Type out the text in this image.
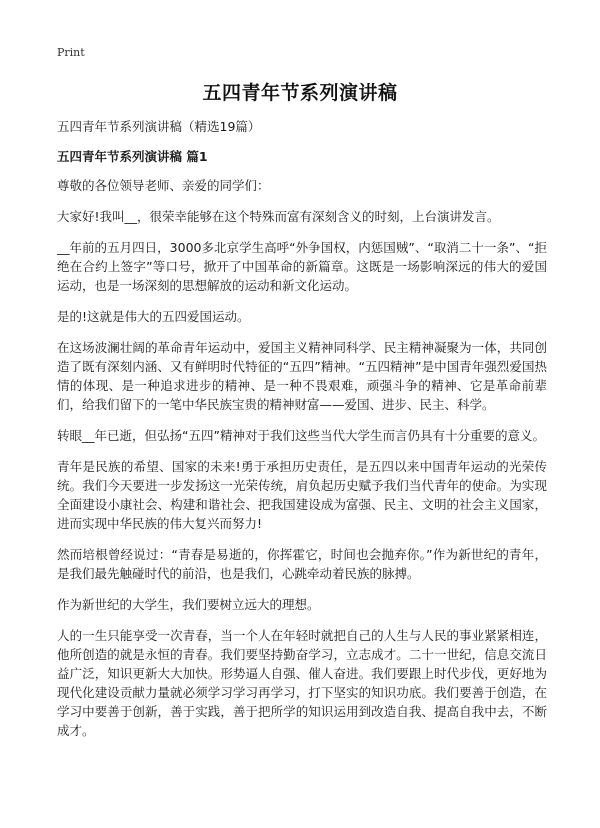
Print
五四青年节系列演讲稿

五四青年节系列演讲稿（精选19篇）

五四青年节系列演讲稿 篇1

尊敬的各位领导老师、亲爱的同学们：

大家好!我叫__，很荣幸能够在这个特殊而富有深刻含义的时刻，上台演讲发言。

__年前的五月四日，3000多北京学生高呼“外争国权，内惩国贼”、“取消二十一条”、“拒绝在合约上签字”等口号，掀开了中国革命的新篇章。这既是一场影响深远的伟大的爱国运动，也是一场深刻的思想解放的运动和新文化运动。

是的!这就是伟大的五四爱国运动。

在这场波澜壮阔的革命青年运动中，爱国主义精神同科学、民主精神凝聚为一体，共同创造了既有深刻内涵、又有鲜明时代特征的“五四”精神。“五四精神”是中国青年强烈爱国热情的体现、是一种追求进步的精神、是一种不畏艰难，顽强斗争的精神、它是革命前辈们，给我们留下的一笔中华民族宝贵的精神财富——爱国、进步、民主、科学。

转眼__年已逝，但弘扬“五四”精神对于我们这些当代大学生而言仍具有十分重要的意义。

青年是民族的希望、国家的未来!勇于承担历史责任，是五四以来中国青年运动的光荣传统。我们今天要进一步发扬这一光荣传统，肩负起历史赋予我们当代青年的使命。为实现全面建设小康社会、构建和谐社会、把我国建设成为富强、民主、文明的社会主义国家，进而实现中华民族的伟大复兴而努力!

然而培根曾经说过：“青春是易逝的，你挥霍它，时间也会抛弃你。”作为新世纪的青年，是我们最先触碰时代的前沿，也是我们，心跳牵动着民族的脉搏。

作为新世纪的大学生，我们要树立远大的理想。

人的一生只能享受一次青春，当一个人在年轻时就把自己的人生与人民的事业紧紧相连，他所创造的就是永恒的青春。我们要坚持勤奋学习，立志成才。二十一世纪，信息交流日益广泛，知识更新大大加快。形势逼人自强、催人奋进。我们要跟上时代步伐，更好地为现代化建设贡献力量就必须学习学习再学习，打下坚实的知识功底。我们要善于创造，在学习中要善于创新，善于实践，善于把所学的知识运用到改造自我、提高自我中去，不断成才。
